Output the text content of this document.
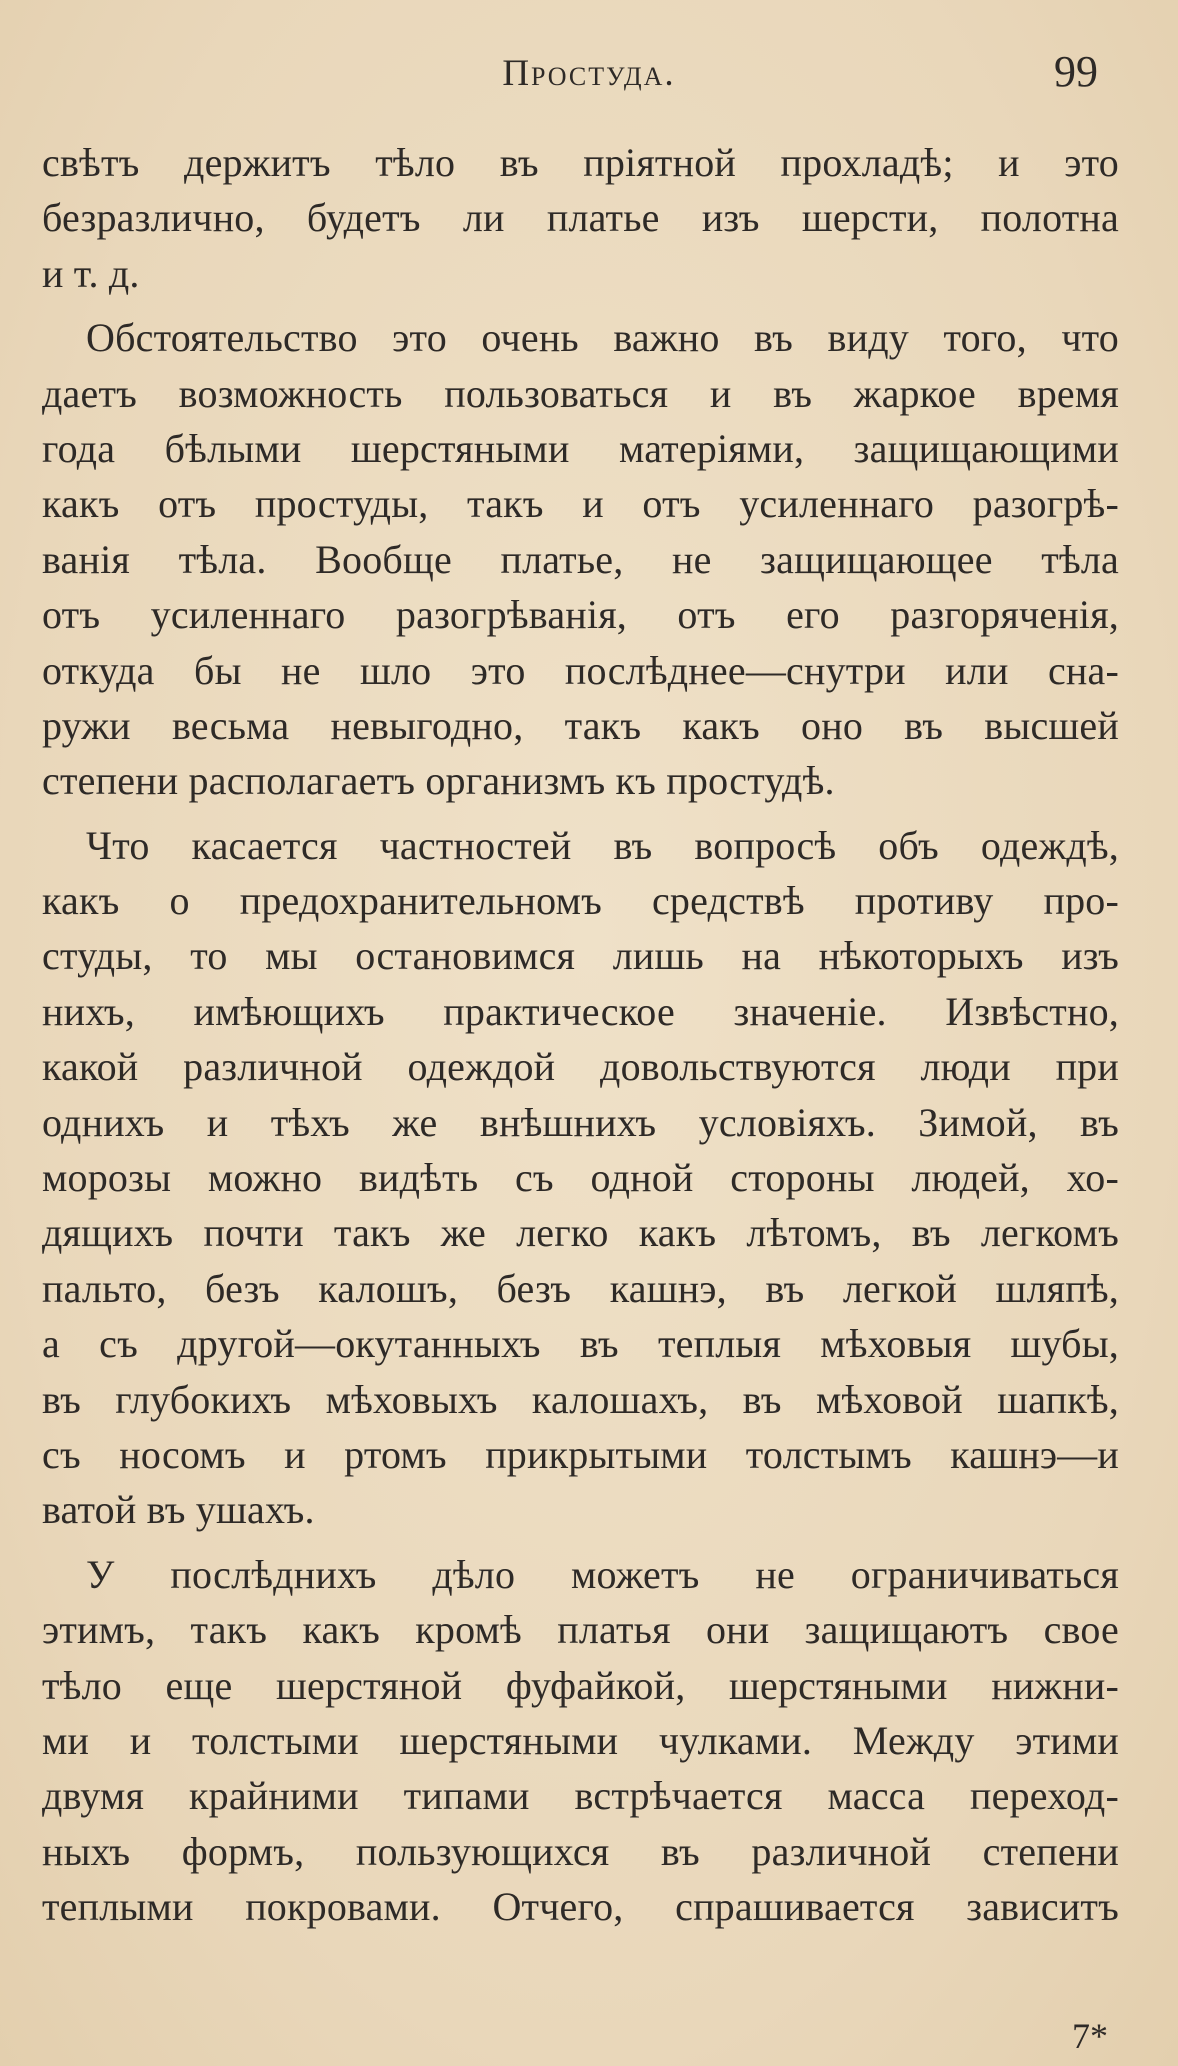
Простуда.	99
свѣтъ держитъ тѣло въ пріятной прохладѣ; и это
безразлично, будетъ ли платье изъ шерсти, полотна
и т. д.
Обстоятельство это очень важно въ виду того, что
даетъ возможность пользоваться и въ жаркое время
года бѣлыми шерстяными матеріями, защищающими
какъ отъ простуды, такъ и отъ усиленнаго разогрѣ-
ванія тѣла. Вообще платье, не защищающее тѣла
отъ усиленнаго разогрѣванія, отъ его разгоряченія,
откуда бы не шло это послѣднее—снутри или сна-
ружи весьма невыгодно, такъ какъ оно въ высшей
степени располагаетъ организмъ къ простудѣ.
Что касается частностей въ вопросѣ объ одеждѣ,
какъ о предохранительномъ средствѣ противу про-
студы, то мы остановимся лишь на нѣкоторыхъ изъ
нихъ, имѣющихъ практическое значеніе. Извѣстно,
какой различной одеждой довольствуются люди при
однихъ и тѣхъ же внѣшнихъ условіяхъ. Зимой, въ
морозы можно видѣть съ одной стороны людей, хо-
дящихъ почти такъ же легко какъ лѣтомъ, въ легкомъ
пальто, безъ калошъ, безъ кашнэ, въ легкой шляпѣ,
а съ другой—окутанныхъ въ теплыя мѣховыя шубы,
въ глубокихъ мѣховыхъ калошахъ, въ мѣховой шапкѣ,
съ носомъ и ртомъ прикрытыми толстымъ кашнэ—и
ватой въ ушахъ.
У послѣднихъ дѣло можетъ не ограничиваться
этимъ, такъ какъ кромѣ платья они защищаютъ свое
тѣло еще шерстяной фуфайкой, шерстяными нижни-
ми и толстыми шерстяными чулками. Между этими
двумя крайними типами встрѣчается масса переход-
ныхъ формъ, пользующихся въ различной степени
теплыми покровами. Отчего, спрашивается зависитъ
7*
